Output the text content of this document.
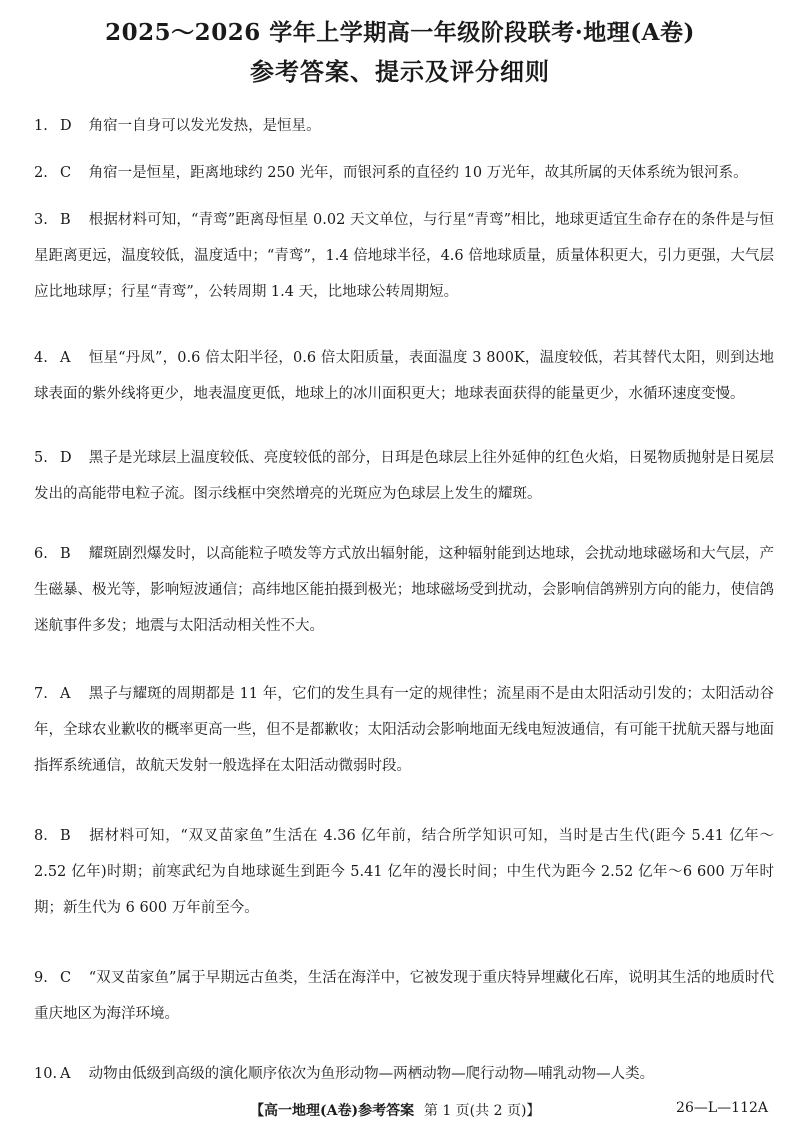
2025～2026 学年上学期高一年级阶段联考·地理(A卷)
参考答案、提示及评分细则
1. D 角宿一自身可以发光发热，是恒星。
2. C 角宿一是恒星，距离地球约 250 光年，而银河系的直径约 10 万光年，故其所属的天体系统为银河系。
3. B 根据材料可知，“青鸾”距离母恒星 0.02 天文单位，与行星“青鸾”相比，地球更适宜生命存在的条件是与恒星距离更远，温度较低，温度适中；“青鸾”，1.4 倍地球半径，4.6 倍地球质量，质量体积更大，引力更强，大气层应比地球厚；行星“青鸾”，公转周期 1.4 天，比地球公转周期短。
4. A 恒星“丹凤”，0.6 倍太阳半径，0.6 倍太阳质量，表面温度 3 800K，温度较低，若其替代太阳，则到达地球表面的紫外线将更少，地表温度更低，地球上的冰川面积更大；地球表面获得的能量更少，水循环速度变慢。
5. D 黑子是光球层上温度较低、亮度较低的部分，日珥是色球层上往外延伸的红色火焰，日冕物质抛射是日冕层发出的高能带电粒子流。图示线框中突然增亮的光斑应为色球层上发生的耀斑。
6. B 耀斑剧烈爆发时，以高能粒子喷发等方式放出辐射能，这种辐射能到达地球，会扰动地球磁场和大气层，产生磁暴、极光等，影响短波通信；高纬地区能拍摄到极光；地球磁场受到扰动，会影响信鸽辨别方向的能力，使信鸽迷航事件多发；地震与太阳活动相关性不大。
7. A 黑子与耀斑的周期都是 11 年，它们的发生具有一定的规律性；流星雨不是由太阳活动引发的；太阳活动谷年，全球农业歉收的概率更高一些，但不是都歉收；太阳活动会影响地面无线电短波通信，有可能干扰航天器与地面指挥系统通信，故航天发射一般选择在太阳活动微弱时段。
8. B 据材料可知，“双叉苗家鱼”生活在 4.36 亿年前，结合所学知识可知，当时是古生代(距今 5.41 亿年～2.52 亿年)时期；前寒武纪为自地球诞生到距今 5.41 亿年的漫长时间；中生代为距今 2.52 亿年～6 600 万年时期；新生代为 6 600 万年前至今。
9. C “双叉苗家鱼”属于早期远古鱼类，生活在海洋中，它被发现于重庆特异埋藏化石库，说明其生活的地质时代重庆地区为海洋环境。
10. A 动物由低级到高级的演化顺序依次为鱼形动物—两栖动物—爬行动物—哺乳动物—人类。
【高一地理(A卷)参考答案 第 1 页(共 2 页)】	26—L—112A
